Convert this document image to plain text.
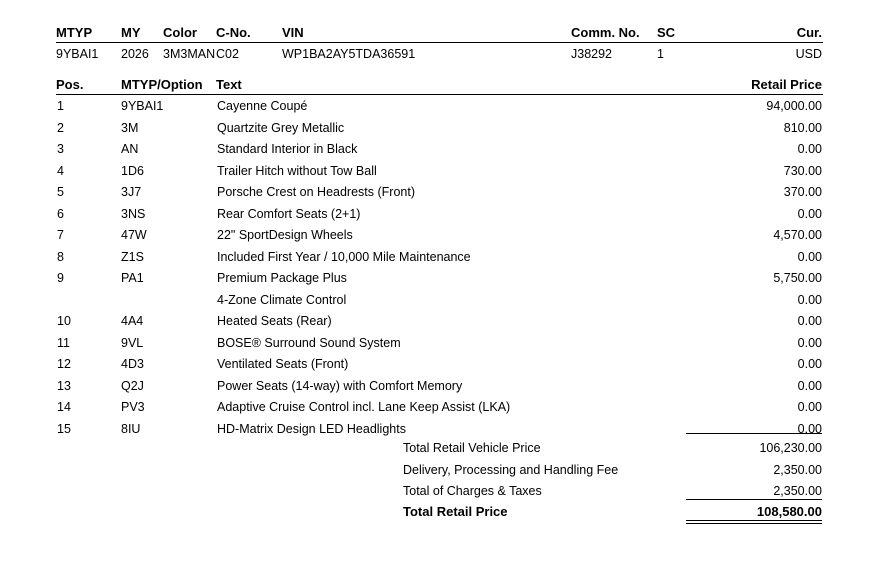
MTYP MY Color C-No. VIN	Comm. No. SC	Cur.
9YBAI1 2026 3M3MAN C02	WP1BA2AY5TDA36591	J38292	1	USD
Pos.	MTYP/Option Text	Retail Price
1	9YBAI1	Cayenne Coupé	94,000.00
2	3M	Quartzite Grey Metallic	810.00
3	AN	Standard Interior in Black	0.00
4	1D6	Trailer Hitch without Tow Ball	730.00
5	3J7	Porsche Crest on Headrests (Front)	370.00
6	3NS	Rear Comfort Seats (2+1)	0.00
7	47W	22" SportDesign Wheels	4,570.00
8	Z1S	Included First Year / 10,000 Mile Maintenance	0.00
9	PA1	Premium Package Plus	5,750.00
4-Zone Climate Control	0.00
10	4A4	Heated Seats (Rear)	0.00
11	9VL	BOSE® Surround Sound System	0.00
12	4D3	Ventilated Seats (Front)	0.00
13	Q2J	Power Seats (14-way) with Comfort Memory	0.00
14	PV3	Adaptive Cruise Control incl. Lane Keep Assist (LKA)	0.00
15	8IU	HD-Matrix Design LED Headlights	0.00
Total Retail Vehicle Price	106,230.00
Delivery, Processing and Handling Fee	2,350.00
Total of Charges & Taxes	2,350.00
Total Retail Price	108,580.00
